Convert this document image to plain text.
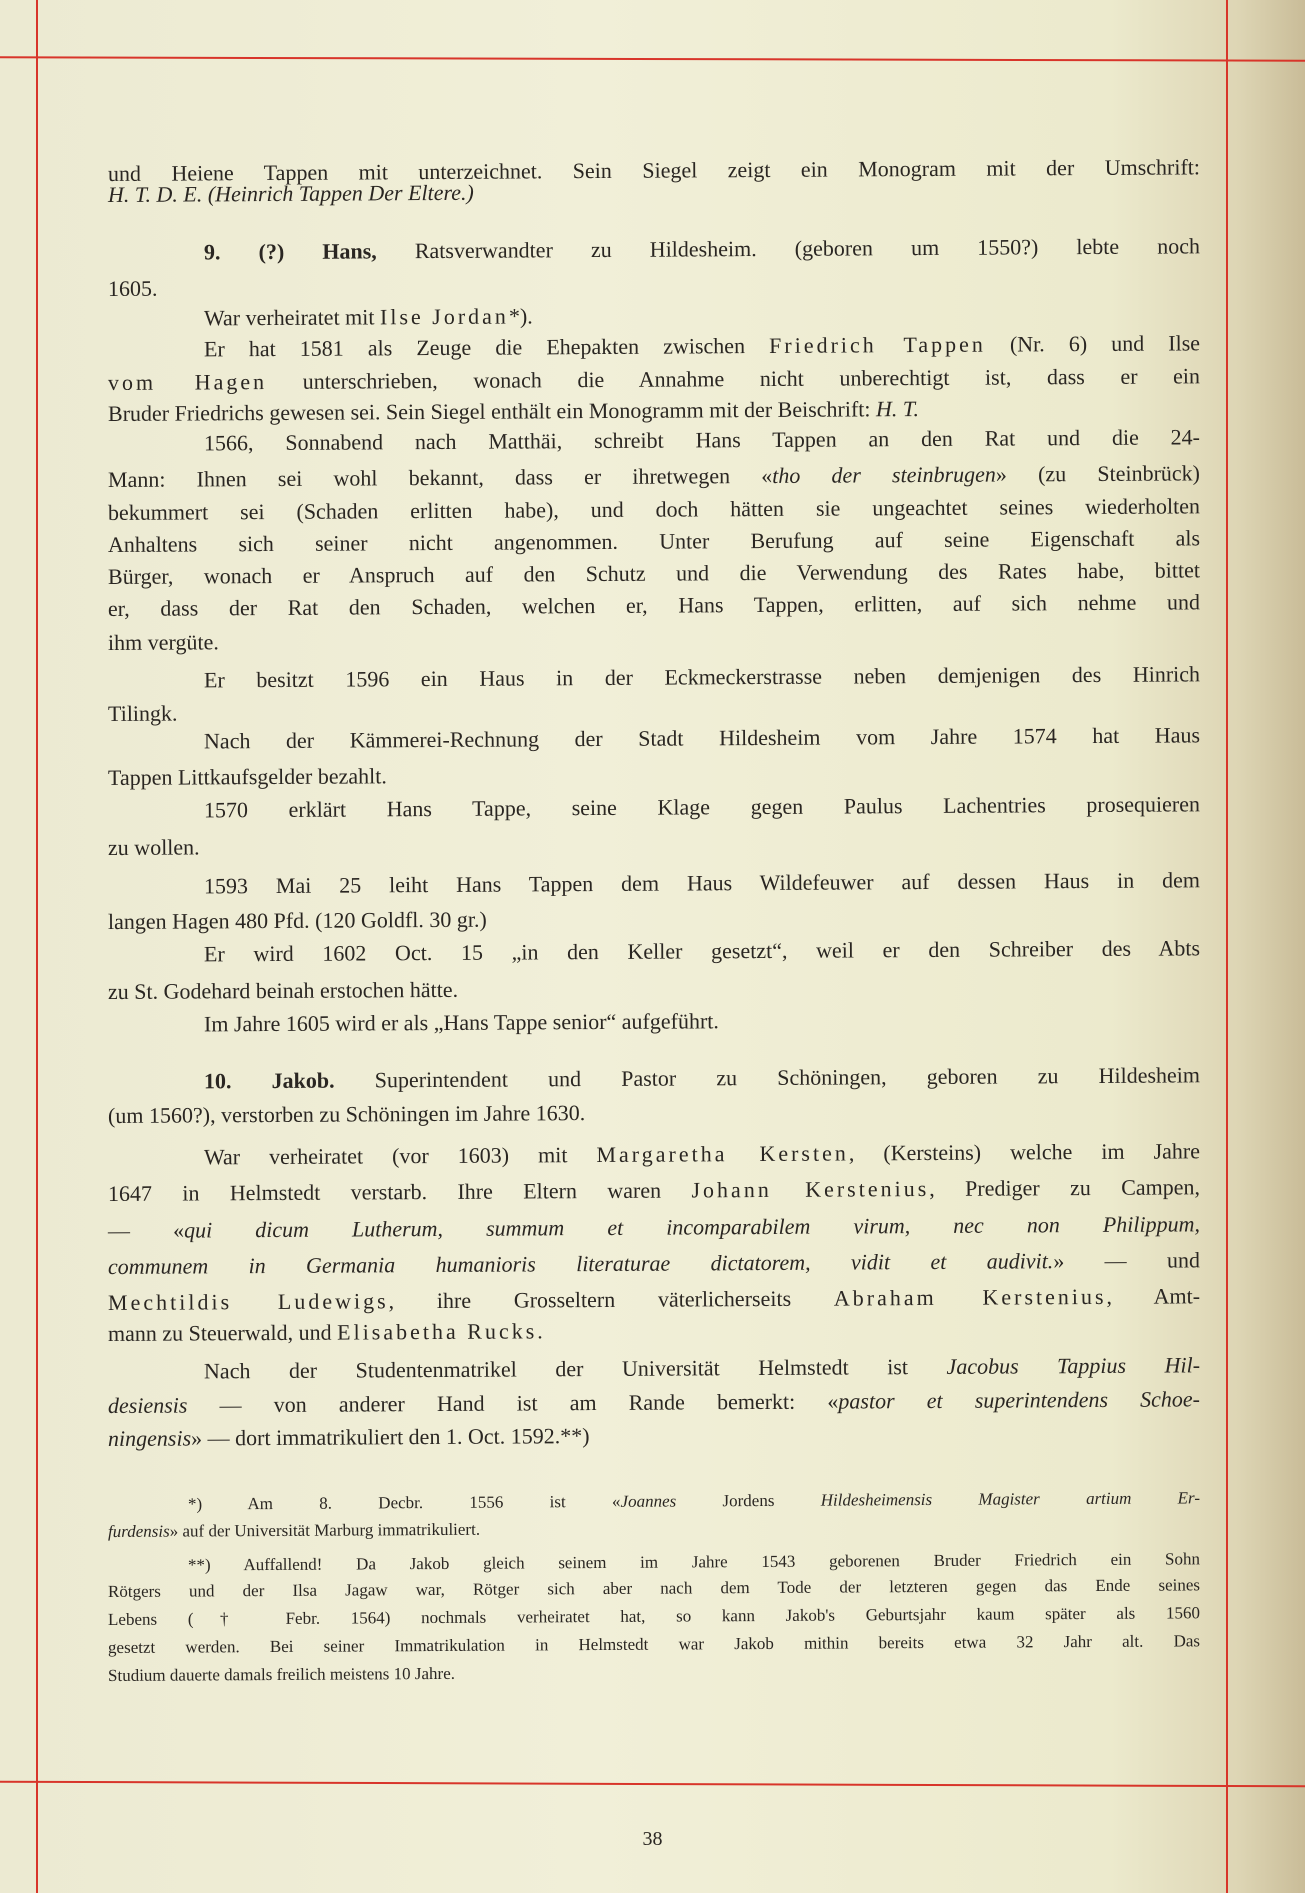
und Heiene Tappen mit unterzeichnet. Sein Siegel zeigt ein Monogram mit der Umschrift:
H. T. D. E. (Heinrich Tappen Der Eltere.)
9. (?) Hans, Ratsverwandter zu Hildesheim. (geboren um 1550?) lebte noch
1605.
War verheiratet mit Ilse Jordan*).
Er hat 1581 als Zeuge die Ehepakten zwischen Friedrich Tappen (Nr. 6) und Ilse
vom Hagen unterschrieben, wonach die Annahme nicht unberechtigt ist, dass er ein
Bruder Friedrichs gewesen sei. Sein Siegel enthält ein Monogramm mit der Beischrift: H. T.
1566, Sonnabend nach Matthäi, schreibt Hans Tappen an den Rat und die 24-
Mann: Ihnen sei wohl bekannt, dass er ihretwegen «tho der steinbrugen» (zu Steinbrück)
bekummert sei (Schaden erlitten habe), und doch hätten sie ungeachtet seines wiederholten
Anhaltens sich seiner nicht angenommen. Unter Berufung auf seine Eigenschaft als
Bürger, wonach er Anspruch auf den Schutz und die Verwendung des Rates habe, bittet
er, dass der Rat den Schaden, welchen er, Hans Tappen, erlitten, auf sich nehme und
ihm vergüte.
Er besitzt 1596 ein Haus in der Eckmeckerstrasse neben demjenigen des Hinrich
Tilingk.
Nach der Kämmerei-Rechnung der Stadt Hildesheim vom Jahre 1574 hat Haus
Tappen Littkaufsgelder bezahlt.
1570 erklärt Hans Tappe, seine Klage gegen Paulus Lachentries prosequieren
zu wollen.
1593 Mai 25 leiht Hans Tappen dem Haus Wildefeuwer auf dessen Haus in dem
langen Hagen 480 Pfd. (120 Goldfl. 30 gr.)
Er wird 1602 Oct. 15 „in den Keller gesetzt“, weil er den Schreiber des Abts
zu St. Godehard beinah erstochen hätte.
Im Jahre 1605 wird er als „Hans Tappe senior“ aufgeführt.
10. Jakob. Superintendent und Pastor zu Schöningen, geboren zu Hildesheim
(um 1560?), verstorben zu Schöningen im Jahre 1630.
War verheiratet (vor 1603) mit Margaretha Kersten, (Kersteins) welche im Jahre
1647 in Helmstedt verstarb. Ihre Eltern waren Johann Kerstenius, Prediger zu Campen,
— «qui dicum Lutherum, summum et incomparabilem virum, nec non Philippum,
communem in Germania humanioris literaturae dictatorem, vidit et audivit.» — und
Mechtildis Ludewigs, ihre Grosseltern väterlicherseits Abraham Kerstenius, Amt-
mann zu Steuerwald, und Elisabetha Rucks.
Nach der Studentenmatrikel der Universität Helmstedt ist Jacobus Tappius Hil-
desiensis — von anderer Hand ist am Rande bemerkt: «pastor et superintendens Schoe-
ningensis» — dort immatrikuliert den 1. Oct. 1592.**)
*) Am 8. Decbr. 1556 ist «Joannes Jordens Hildesheimensis Magister artium Er-
furdensis» auf der Universität Marburg immatrikuliert.
**) Auffallend! Da Jakob gleich seinem im Jahre 1543 geborenen Bruder Friedrich ein Sohn
Rötgers und der Ilsa Jagaw war, Rötger sich aber nach dem Tode der letzteren gegen das Ende seines
Lebens († Febr. 1564) nochmals verheiratet hat, so kann Jakob's Geburtsjahr kaum später als 1560
gesetzt werden. Bei seiner Immatrikulation in Helmstedt war Jakob mithin bereits etwa 32 Jahr alt. Das
Studium dauerte damals freilich meistens 10 Jahre.
38
